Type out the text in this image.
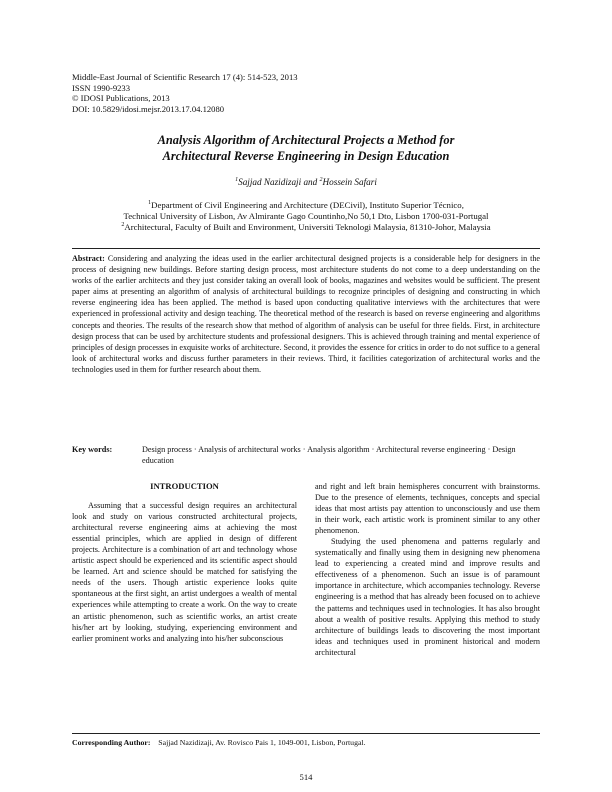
Middle-East Journal of Scientific Research 17 (4): 514-523, 2013
ISSN 1990-9233
© IDOSI Publications, 2013
DOI: 10.5829/idosi.mejsr.2013.17.04.12080
Analysis Algorithm of Architectural Projects a Method for
Architectural Reverse Engineering in Design Education
$^1$Sajjad Nazidizaji and $^2$Hossein Safari
$^1$Department of Civil Engineering and Architecture (DECivil), Instituto Superior Técnico,
Technical University of Lisbon, Av Almirante Gago Countinho,No 50,1 Dto, Lisbon 1700-031-Portugal
$^2$Architectural, Faculty of Built and Environment, Universiti Teknologi Malaysia, 81310-Johor, Malaysia
Abstract: Considering and analyzing the ideas used in the earlier architectural designed projects is a considerable help for designers in the process of designing new buildings. Before starting design process, most architecture students do not come to a deep understanding on the works of the earlier architects and they just consider taking an overall look of books, magazines and websites would be sufficient. The present paper aims at presenting an algorithm of analysis of architectural buildings to recognize principles of designing and constructing in which reverse engineering idea has been applied. The method is based upon conducting qualitative interviews with the architectures that were experienced in professional activity and design teaching. The theoretical method of the research is based on reverse engineering and algorithms concepts and theories. The results of the research show that method of algorithm of analysis can be useful for three fields. First, in architecture design process that can be used by architecture students and professional designers. This is achieved through training and mental experience of principles of design processes in exquisite works of architecture. Second, it provides the essence for critics in order to do not suffice to a general look of architectural works and discuss further parameters in their reviews. Third, it facilities categorization of architectural works and the technologies used in them for further research about them.
Key words:	Design process · Analysis of architectural works · Analysis algorithm · Architectural reverse engineering · Design education
INTRODUCTION

Assuming that a successful design requires an architectural look and study on various constructed architectural projects, architectural reverse engineering aims at achieving the most essential principles, which are applied in design of different projects. Architecture is a combination of art and technology whose artistic aspect should be experienced and its scientific aspect should be learned. Art and science should be matched for satisfying the needs of the users. Though artistic experience looks quite spontaneous at the first sight, an artist undergoes a wealth of mental experiences while attempting to create a work. On the way to create an artistic phenomenon, such as scientific works, an artist create his/her art by looking, studying, experiencing environment and earlier prominent works and analyzing into his/her subconscious

and right and left brain hemispheres concurrent with brainstorms. Due to the presence of elements, techniques, concepts and special ideas that most artists pay attention to unconsciously and use them in their work, each artistic work is prominent similar to any other phenomenon.

Studying the used phenomena and patterns regularly and systematically and finally using them in designing new phenomena lead to experiencing a created mind and improve results and effectiveness of a phenomenon. Such an issue is of paramount importance in architecture, which accompanies technology. Reverse engineering is a method that has already been focused on to achieve the patterns and techniques used in technologies. It has also brought about a wealth of positive results. Applying this method to study architecture of buildings leads to discovering the most important ideas and techniques used in prominent historical and modern architectural

Corresponding Author: Sajjad Nazidizaji, Av. Rovisco Pais 1, 1049-001, Lisbon, Portugal.
514
